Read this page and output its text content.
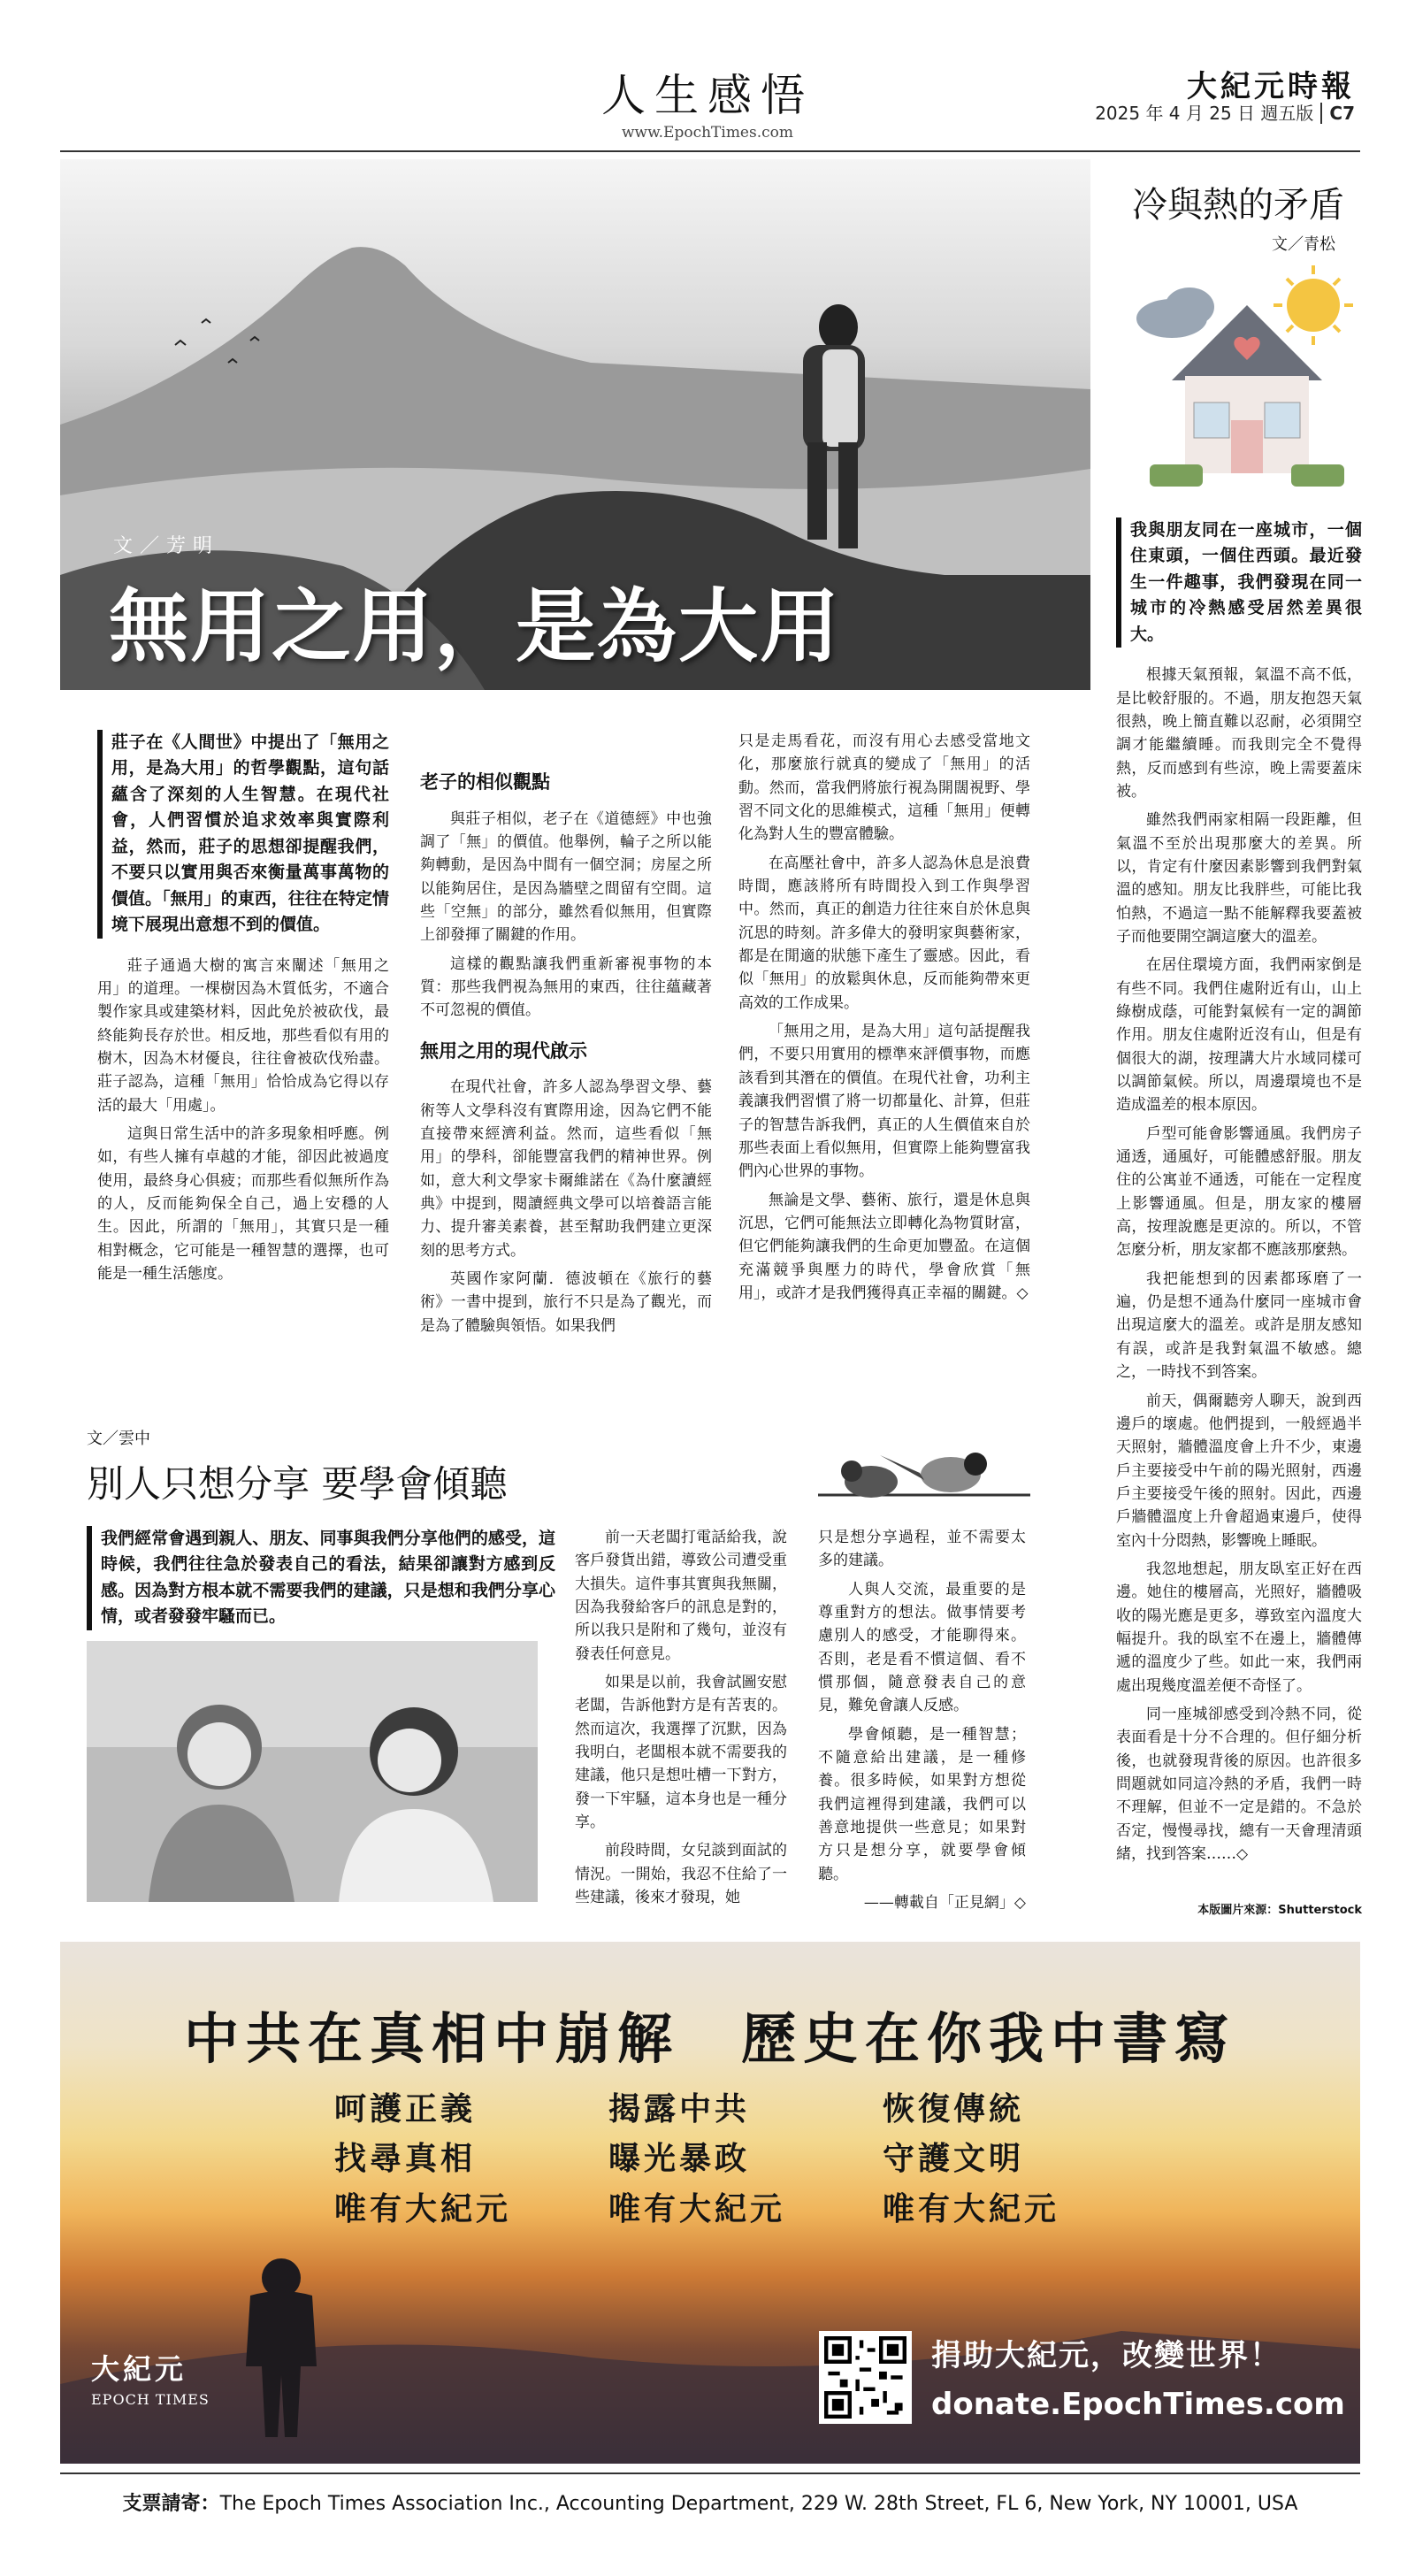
人生感悟
www.EpochTimes.com
大紀元時報
2025 年 4 月 25 日 週五版 C7
文／芳明
無用之用，是為大用
莊子在《人間世》中提出了「無用之用，是為大用」的哲學觀點，這句話蘊含了深刻的人生智慧。在現代社會，人們習慣於追求效率與實際利益，然而，莊子的思想卻提醒我們，不要只以實用與否來衡量萬事萬物的價值。「無用」的東西，往往在特定情境下展現出意想不到的價值。

莊子通過大樹的寓言來闡述「無用之用」的道理。一棵樹因為木質低劣，不適合製作家具或建築材料，因此免於被砍伐，最終能夠長存於世。相反地，那些看似有用的樹木，因為木材優良，往往會被砍伐殆盡。莊子認為，這種「無用」恰恰成為它得以存活的最大「用處」。

這與日常生活中的許多現象相呼應。例如，有些人擁有卓越的才能，卻因此被過度使用，最終身心俱疲；而那些看似無所作為的人，反而能夠保全自己，過上安穩的人生。因此，所謂的「無用」，其實只是一種相對概念，它可能是一種智慧的選擇，也可能是一種生活態度。

老子的相似觀點

與莊子相似，老子在《道德經》中也強調了「無」的價值。他舉例，輪子之所以能夠轉動，是因為中間有一個空洞；房屋之所以能夠居住，是因為牆壁之間留有空間。這些「空無」的部分，雖然看似無用，但實際上卻發揮了關鍵的作用。

這樣的觀點讓我們重新審視事物的本質：那些我們視為無用的東西，往往蘊藏著不可忽視的價值。

無用之用的現代啟示

在現代社會，許多人認為學習文學、藝術等人文學科沒有實際用途，因為它們不能直接帶來經濟利益。然而，這些看似「無用」的學科，卻能豐富我們的精神世界。例如，意大利文學家卡爾維諾在《為什麼讀經典》中提到，閱讀經典文學可以培養語言能力、提升審美素養，甚至幫助我們建立更深刻的思考方式。

英國作家阿蘭．德波頓在《旅行的藝術》一書中提到，旅行不只是為了觀光，而是為了體驗與領悟。如果我們

只是走馬看花，而沒有用心去感受當地文化，那麼旅行就真的變成了「無用」的活動。然而，當我們將旅行視為開闊視野、學習不同文化的思維模式，這種「無用」便轉化為對人生的豐富體驗。

在高壓社會中，許多人認為休息是浪費時間，應該將所有時間投入到工作與學習中。然而，真正的創造力往往來自於休息與沉思的時刻。許多偉大的發明家與藝術家，都是在閒適的狀態下產生了靈感。因此，看似「無用」的放鬆與休息，反而能夠帶來更高效的工作成果。

「無用之用，是為大用」這句話提醒我們，不要只用實用的標準來評價事物，而應該看到其潛在的價值。在現代社會，功利主義讓我們習慣了將一切都量化、計算，但莊子的智慧告訴我們，真正的人生價值來自於那些表面上看似無用，但實際上能夠豐富我們內心世界的事物。

無論是文學、藝術、旅行，還是休息與沉思，它們可能無法立即轉化為物質財富，但它們能夠讓我們的生命更加豐盈。在這個充滿競爭與壓力的時代，學會欣賞「無用」，或許才是我們獲得真正幸福的關鍵。◇

冷與熱的矛盾
文／青松
我與朋友同在一座城市，一個住東頭，一個住西頭。最近發生一件趣事，我們發現在同一城市的冷熱感受居然差異很大。

根據天氣預報，氣溫不高不低，是比較舒服的。不過，朋友抱怨天氣很熱，晚上簡直難以忍耐，必須開空調才能繼續睡。而我則完全不覺得熱，反而感到有些涼，晚上需要蓋床被。

雖然我們兩家相隔一段距離，但氣溫不至於出現那麼大的差異。所以，肯定有什麼因素影響到我們對氣溫的感知。朋友比我胖些，可能比我怕熱，不過這一點不能解釋我要蓋被子而他要開空調這麼大的溫差。

在居住環境方面，我們兩家倒是有些不同。我們住處附近有山，山上綠樹成蔭，可能對氣候有一定的調節作用。朋友住處附近沒有山，但是有個很大的湖，按理講大片水域同樣可以調節氣候。所以，周邊環境也不是造成溫差的根本原因。

戶型可能會影響通風。我們房子通透，通風好，可能體感舒服。朋友住的公寓並不通透，可能在一定程度上影響通風。但是，朋友家的樓層高，按理說應是更涼的。所以，不管怎麼分析，朋友家都不應該那麼熱。

我把能想到的因素都琢磨了一遍，仍是想不通為什麼同一座城市會出現這麼大的溫差。或許是朋友感知有誤，或許是我對氣溫不敏感。總之，一時找不到答案。

前天，偶爾聽旁人聊天，說到西邊戶的壞處。他們提到，一般經過半天照射，牆體溫度會上升不少，東邊戶主要接受中午前的陽光照射，西邊戶主要接受午後的照射。因此，西邊戶牆體溫度上升會超過東邊戶，使得室內十分悶熱，影響晚上睡眠。

我忽地想起，朋友臥室正好在西邊。她住的樓層高，光照好，牆體吸收的陽光應是更多，導致室內溫度大幅提升。我的臥室不在邊上，牆體傳遞的溫度少了些。如此一來，我們兩處出現幾度溫差便不奇怪了。

同一座城卻感受到冷熱不同，從表面看是十分不合理的。但仔細分析後，也就發現背後的原因。也許很多問題就如同這冷熱的矛盾，我們一時不理解，但並不一定是錯的。不急於否定，慢慢尋找，總有一天會理清頭緒，找到答案……◇

文／雲中
別人只想分享 要學會傾聽
我們經常會遇到親人、朋友、同事與我們分享他們的感受，這時候，我們往往急於發表自己的看法，結果卻讓對方感到反感。因為對方根本就不需要我們的建議，只是想和我們分享心情，或者發發牢騷而已。

前一天老闆打電話給我，說客戶發貨出錯，導致公司遭受重大損失。這件事其實與我無關，因為我發給客戶的訊息是對的，所以我只是附和了幾句，並沒有發表任何意見。

如果是以前，我會試圖安慰老闆，告訴他對方是有苦衷的。然而這次，我選擇了沉默，因為我明白，老闆根本就不需要我的建議，他只是想吐槽一下對方，發一下牢騷，這本身也是一種分享。

前段時間，女兒談到面試的情況。一開始，我忍不住給了一些建議，後來才發現，她

只是想分享過程，並不需要太多的建議。

人與人交流，最重要的是尊重對方的想法。做事情要考慮別人的感受，才能聊得來。否則，老是看不慣這個、看不慣那個，隨意發表自己的意見，難免會讓人反感。

學會傾聽，是一種智慧；不隨意給出建議，是一種修養。很多時候，如果對方想從我們這裡得到建議，我們可以善意地提供一些意見；如果對方只是想分享，就要學會傾聽。

——轉載自「正見網」◇	本版圖片來源：Shutterstock
中共在真相中崩解　歷史在你我中書寫
呵護正義	揭露中共	恢復傳統
找尋真相	曝光暴政	守護文明
唯有大紀元	唯有大紀元	唯有大紀元
大紀元
EPOCH TIMES
捐助大紀元，改變世界！
donate.EpochTimes.com
支票請寄：The Epoch Times Association Inc., Accounting Department, 229 W. 28th Street, FL 6, New York, NY 10001, USA
